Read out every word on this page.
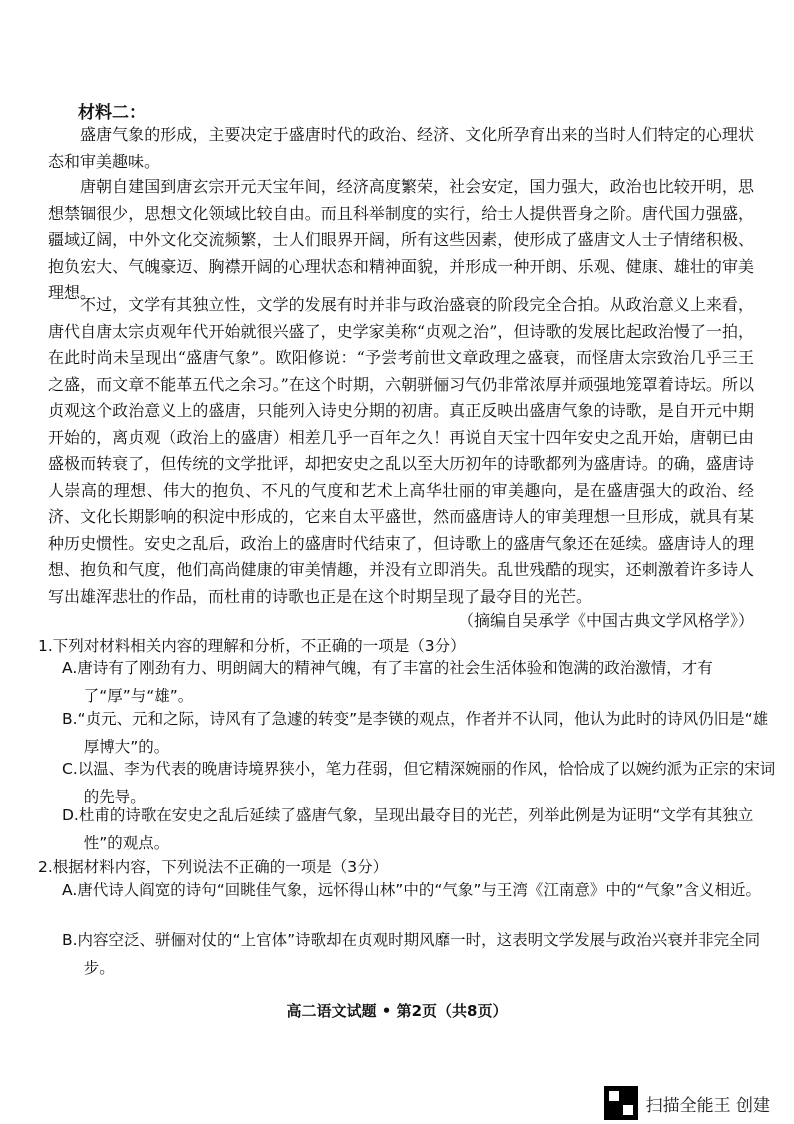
材料二：

盛唐气象的形成，主要决定于盛唐时代的政治、经济、文化所孕育出来的当时人们特定的心理状态和审美趣味。

唐朝自建国到唐玄宗开元天宝年间，经济高度繁荣，社会安定，国力强大，政治也比较开明，思想禁锢很少，思想文化领域比较自由。而且科举制度的实行，给士人提供晋身之阶。唐代国力强盛，疆域辽阔，中外文化交流频繁，士人们眼界开阔，所有这些因素，使形成了盛唐文人士子情绪积极、抱负宏大、气魄豪迈、胸襟开阔的心理状态和精神面貌，并形成一种开朗、乐观、健康、雄壮的审美理想。

不过，文学有其独立性，文学的发展有时并非与政治盛衰的阶段完全合拍。从政治意义上来看，唐代自唐太宗贞观年代开始就很兴盛了，史学家美称“贞观之治”，但诗歌的发展比起政治慢了一拍，在此时尚未呈现出“盛唐气象”。欧阳修说：“予尝考前世文章政理之盛衰，而怪唐太宗致治几乎三王之盛，而文章不能革五代之余习。”在这个时期，六朝骈俪习气仍非常浓厚并顽强地笼罩着诗坛。所以贞观这个政治意义上的盛唐，只能列入诗史分期的初唐。真正反映出盛唐气象的诗歌，是自开元中期开始的，离贞观（政治上的盛唐）相差几乎一百年之久！再说自天宝十四年安史之乱开始，唐朝已由盛极而转衰了，但传统的文学批评，却把安史之乱以至大历初年的诗歌都列为盛唐诗。的确，盛唐诗人崇高的理想、伟大的抱负、不凡的气度和艺术上高华壮丽的审美趣向，是在盛唐强大的政治、经济、文化长期影响的积淀中形成的，它来自太平盛世，然而盛唐诗人的审美理想一旦形成，就具有某种历史惯性。安史之乱后，政治上的盛唐时代结束了，但诗歌上的盛唐气象还在延续。盛唐诗人的理想、抱负和气度，他们高尚健康的审美情趣，并没有立即消失。乱世残酷的现实，还刺激着许多诗人写出雄浑悲壮的作品，而杜甫的诗歌也正是在这个时期呈现了最夺目的光芒。

（摘编自吴承学《中国古典文学风格学》）

1.下列对材料相关内容的理解和分析，不正确的一项是（3分）

A.唐诗有了刚劲有力、明朗阔大的精神气魄，有了丰富的社会生活体验和饱满的政治激情，才有了“厚”与“雄”。

B.“贞元、元和之际，诗风有了急遽的转变”是李锳的观点，作者并不认同，他认为此时的诗风仍旧是“雄厚博大”的。

C.以温、李为代表的晚唐诗境界狭小，笔力荏弱，但它精深婉丽的作风，恰恰成了以婉约派为正宗的宋词的先导。

D.杜甫的诗歌在安史之乱后延续了盛唐气象，呈现出最夺目的光芒，列举此例是为证明“文学有其独立性”的观点。

2.根据材料内容，下列说法不正确的一项是（3分）

A.唐代诗人阎宽的诗句“回眺佳气象，远怀得山林”中的“气象”与王湾《江南意》中的“气象”含义相近。

B.内容空泛、骈俪对仗的“上官体”诗歌却在贞观时期风靡一时，这表明文学发展与政治兴衰并非完全同步。

高二语文试题 • 第2页（共8页）
扫描全能王 创建
